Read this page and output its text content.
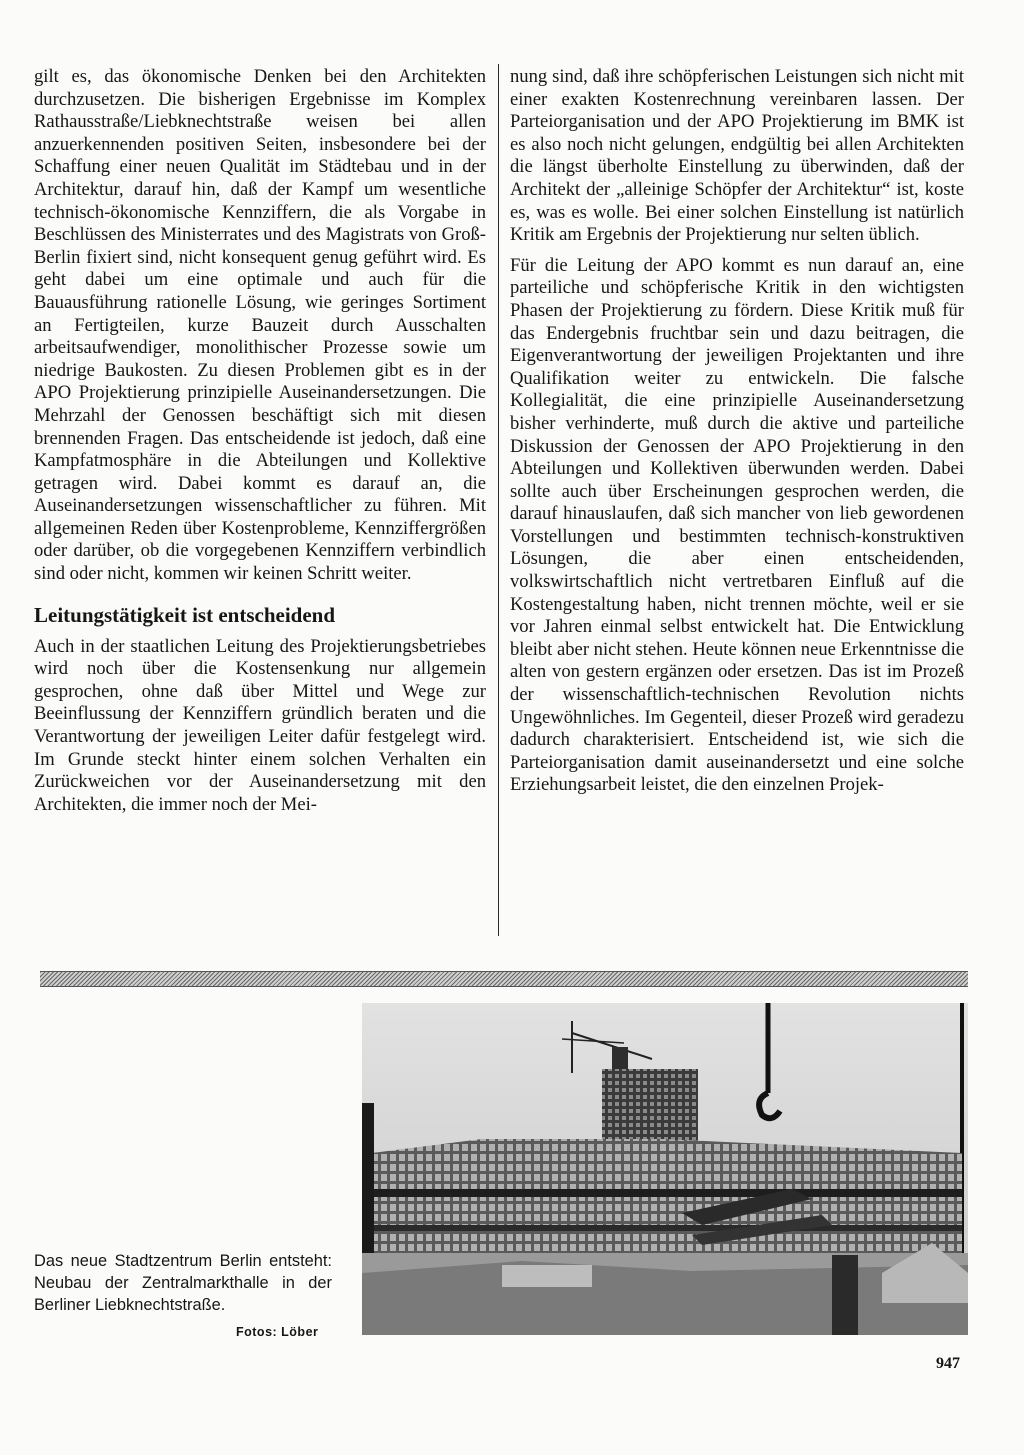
gilt es, das ökonomische Denken bei den Architekten durchzusetzen. Die bisherigen Ergebnisse im Komplex Rathausstraße/Liebknechtstraße weisen bei allen anzuerkennenden positiven Seiten, insbesondere bei der Schaffung einer neuen Qualität im Städtebau und in der Architektur, darauf hin, daß der Kampf um wesentliche technisch-ökonomische Kennziffern, die als Vorgabe in Beschlüssen des Ministerrates und des Magistrats von Groß-Berlin fixiert sind, nicht konsequent genug geführt wird. Es geht dabei um eine optimale und auch für die Bauausführung rationelle Lösung, wie geringes Sortiment an Fertigteilen, kurze Bauzeit durch Ausschalten arbeitsaufwendiger, monolithischer Prozesse sowie um niedrige Baukosten. Zu diesen Problemen gibt es in der APO Projektierung prinzipielle Auseinandersetzungen. Die Mehrzahl der Genossen beschäftigt sich mit diesen brennenden Fragen. Das entscheidende ist jedoch, daß eine Kampfatmosphäre in die Abteilungen und Kollektive getragen wird. Dabei kommt es darauf an, die Auseinandersetzungen wissenschaftlicher zu führen. Mit allgemeinen Reden über Kostenprobleme, Kennziffergrößen oder darüber, ob die vorgegebenen Kennziffern verbindlich sind oder nicht, kommen wir keinen Schritt weiter.

Leitungstätigkeit ist entscheidend

Auch in der staatlichen Leitung des Projektierungsbetriebes wird noch über die Kostensenkung nur allgemein gesprochen, ohne daß über Mittel und Wege zur Beeinflussung der Kennziffern gründlich beraten und die Verantwortung der jeweiligen Leiter dafür festgelegt wird. Im Grunde steckt hinter einem solchen Verhalten ein Zurückweichen vor der Auseinandersetzung mit den Architekten, die immer noch der Mei-

nung sind, daß ihre schöpferischen Leistungen sich nicht mit einer exakten Kostenrechnung vereinbaren lassen. Der Parteiorganisation und der APO Projektierung im BMK ist es also noch nicht gelungen, endgültig bei allen Architekten die längst überholte Einstellung zu überwinden, daß der Architekt der „alleinige Schöpfer der Architektur“ ist, koste es, was es wolle. Bei einer solchen Einstellung ist natürlich Kritik am Ergebnis der Projektierung nur selten üblich.

Für die Leitung der APO kommt es nun darauf an, eine parteiliche und schöpferische Kritik in den wichtigsten Phasen der Projektierung zu fördern. Diese Kritik muß für das Endergebnis fruchtbar sein und dazu beitragen, die Eigenverantwortung der jeweiligen Projektanten und ihre Qualifikation weiter zu entwickeln. Die falsche Kollegialität, die eine prinzipielle Auseinandersetzung bisher verhinderte, muß durch die aktive und parteiliche Diskussion der Genossen der APO Projektierung in den Abteilungen und Kollektiven überwunden werden. Dabei sollte auch über Erscheinungen gesprochen werden, die darauf hinauslaufen, daß sich mancher von lieb gewordenen Vorstellungen und bestimmten technisch-konstruktiven Lösungen, die aber einen entscheidenden, volkswirtschaftlich nicht vertretbaren Einfluß auf die Kostengestaltung haben, nicht trennen möchte, weil er sie vor Jahren einmal selbst entwickelt hat. Die Entwicklung bleibt aber nicht stehen. Heute können neue Erkenntnisse die alten von gestern ergänzen oder ersetzen. Das ist im Prozeß der wissenschaftlich-technischen Revolution nichts Ungewöhnliches. Im Gegenteil, dieser Prozeß wird geradezu dadurch charakterisiert. Entscheidend ist, wie sich die Parteiorganisation damit auseinandersetzt und eine solche Erziehungsarbeit leistet, die den einzelnen Projek-

Das neue Stadtzentrum Berlin entsteht: Neubau der Zentralmarkthalle in der Berliner Liebknechtstraße.
Fotos: Löber
947
